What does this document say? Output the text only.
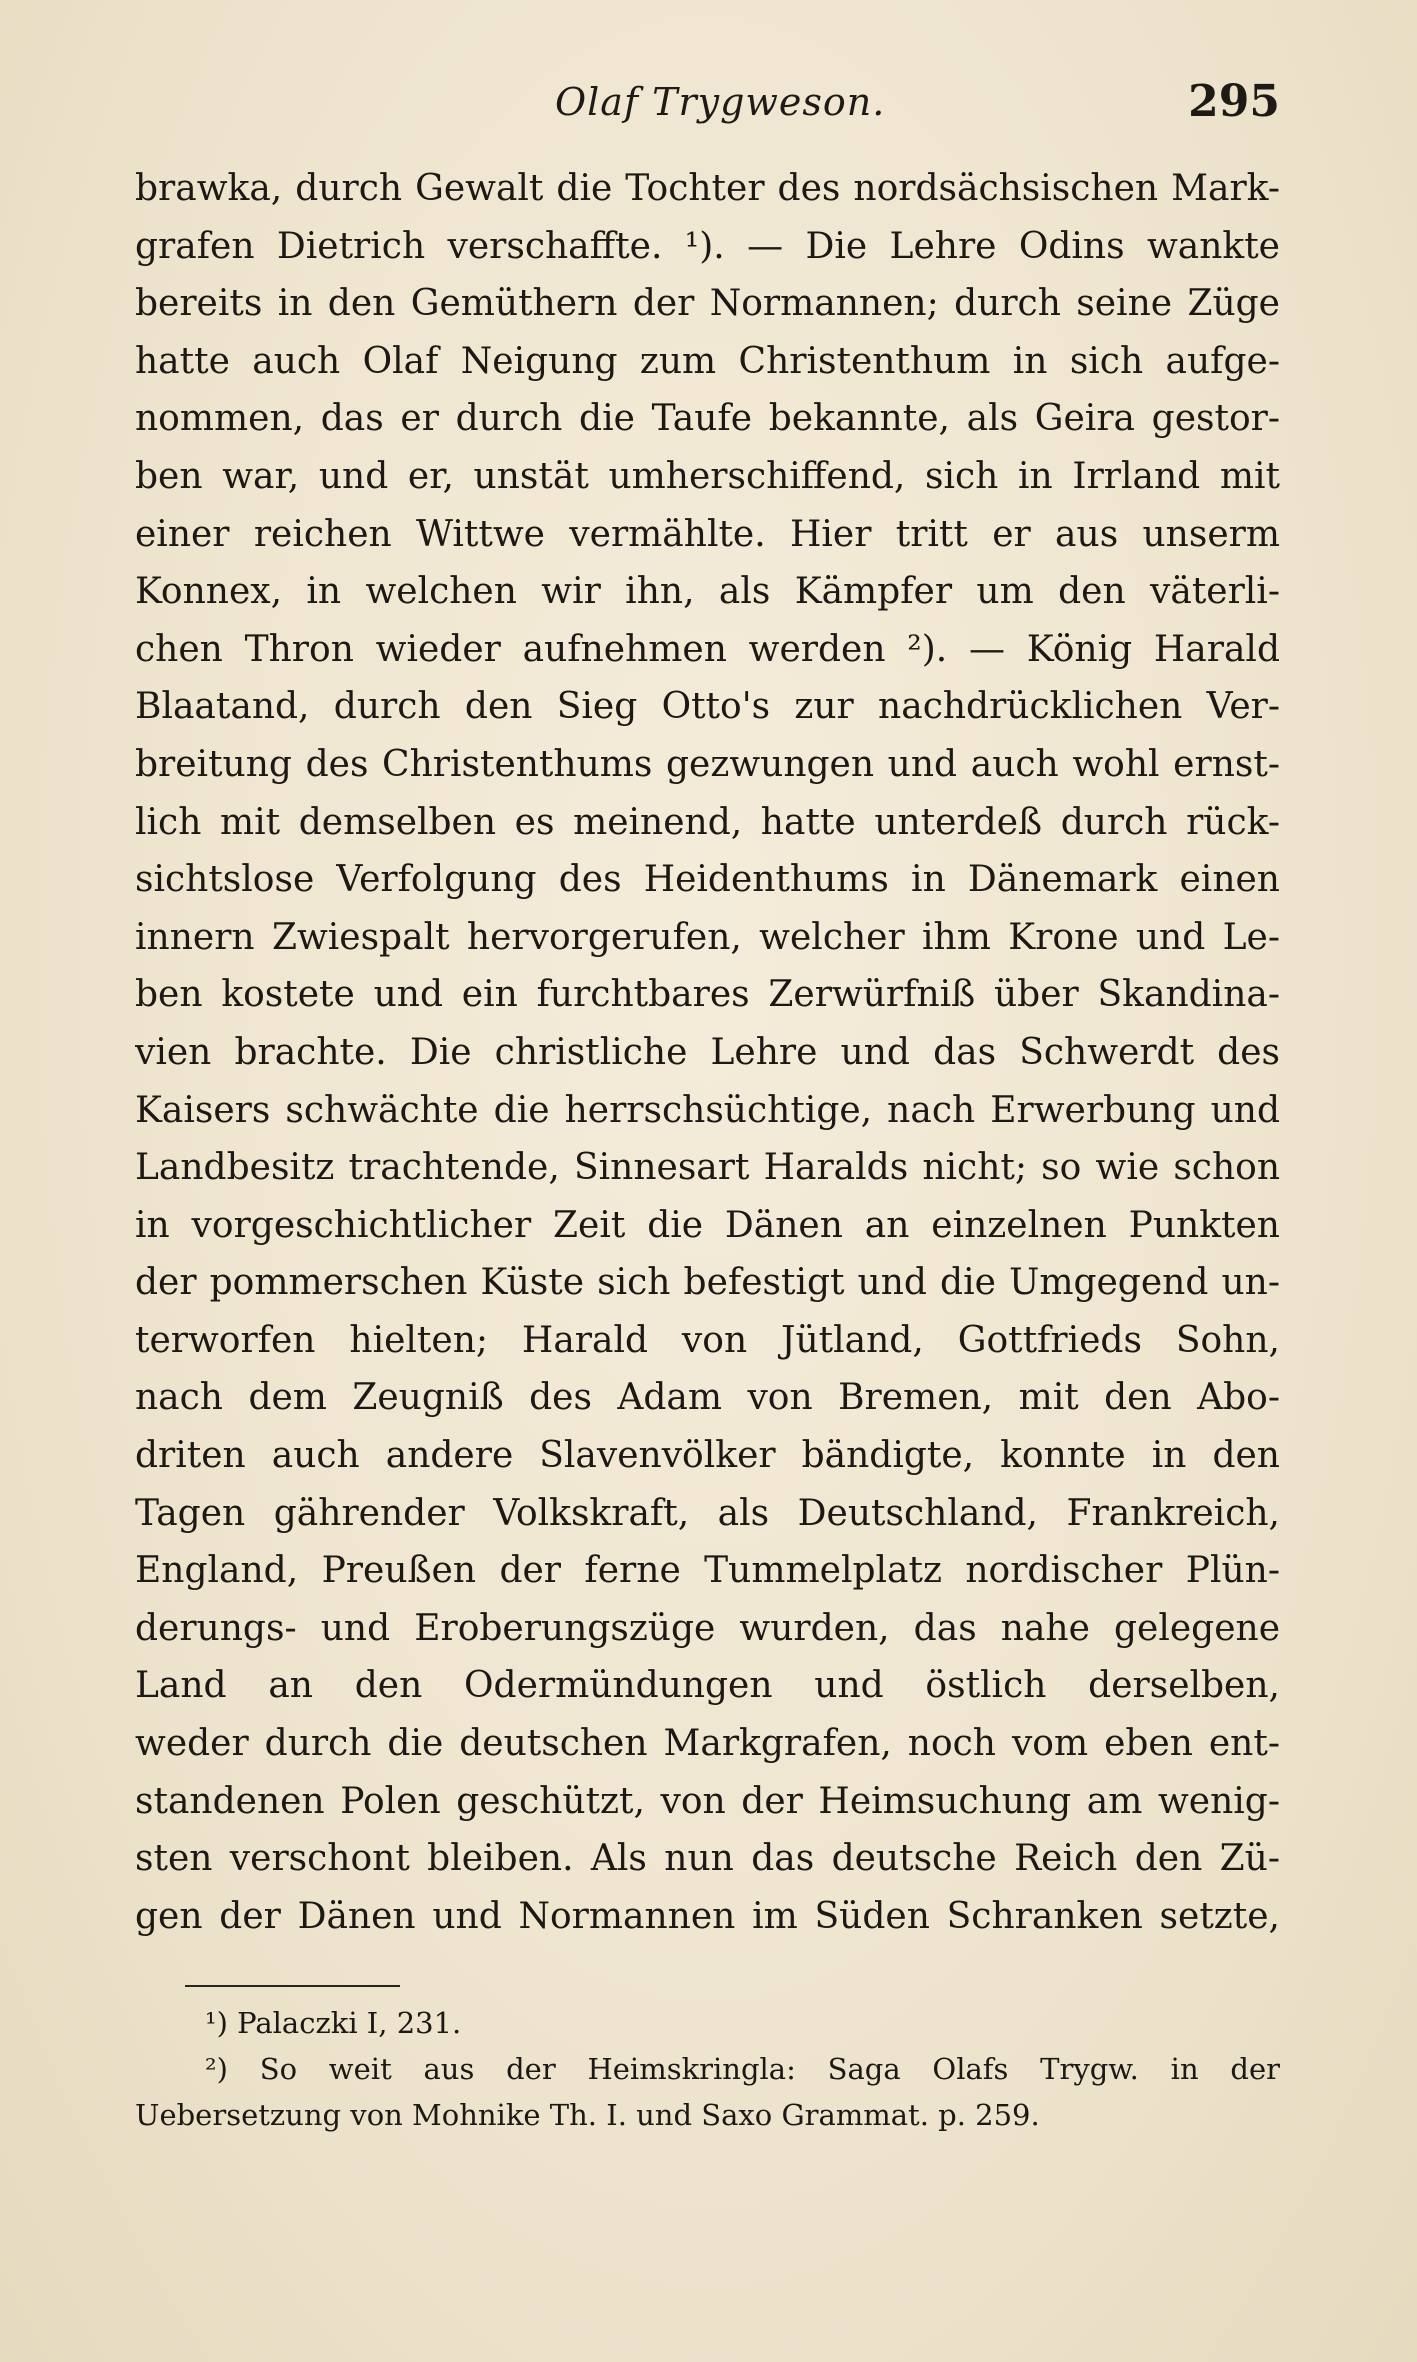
Olaf Trygweson.	295
brawka, durch Gewalt die Tochter des nordsächsischen Mark-
grafen Dietrich verschaffte. ¹). — Die Lehre Odins wankte
bereits in den Gemüthern der Normannen; durch seine Züge
hatte auch Olaf Neigung zum Christenthum in sich aufge-
nommen, das er durch die Taufe bekannte, als Geira gestor-
ben war, und er, unstät umherschiffend, sich in Irrland mit
einer reichen Wittwe vermählte. Hier tritt er aus unserm
Konnex, in welchen wir ihn, als Kämpfer um den väterli-
chen Thron wieder aufnehmen werden ²). — König Harald
Blaatand, durch den Sieg Otto's zur nachdrücklichen Ver-
breitung des Christenthums gezwungen und auch wohl ernst-
lich mit demselben es meinend, hatte unterdeß durch rück-
sichtslose Verfolgung des Heidenthums in Dänemark einen
innern Zwiespalt hervorgerufen, welcher ihm Krone und Le-
ben kostete und ein furchtbares Zerwürfniß über Skandina-
vien brachte. Die christliche Lehre und das Schwerdt des
Kaisers schwächte die herrschsüchtige, nach Erwerbung und
Landbesitz trachtende, Sinnesart Haralds nicht; so wie schon
in vorgeschichtlicher Zeit die Dänen an einzelnen Punkten
der pommerschen Küste sich befestigt und die Umgegend un-
terworfen hielten; Harald von Jütland, Gottfrieds Sohn,
nach dem Zeugniß des Adam von Bremen, mit den Abo-
driten auch andere Slavenvölker bändigte, konnte in den
Tagen gährender Volkskraft, als Deutschland, Frankreich,
England, Preußen der ferne Tummelplatz nordischer Plün-
derungs- und Eroberungszüge wurden, das nahe gelegene
Land an den Odermündungen und östlich derselben,
weder durch die deutschen Markgrafen, noch vom eben ent-
standenen Polen geschützt, von der Heimsuchung am wenig-
sten verschont bleiben. Als nun das deutsche Reich den Zü-
gen der Dänen und Normannen im Süden Schranken setzte,
¹) Palaczki I, 231.
²) So weit aus der Heimskringla: Saga Olafs Trygw. in der
Uebersetzung von Mohnike Th. I. und Saxo Grammat. p. 259.
